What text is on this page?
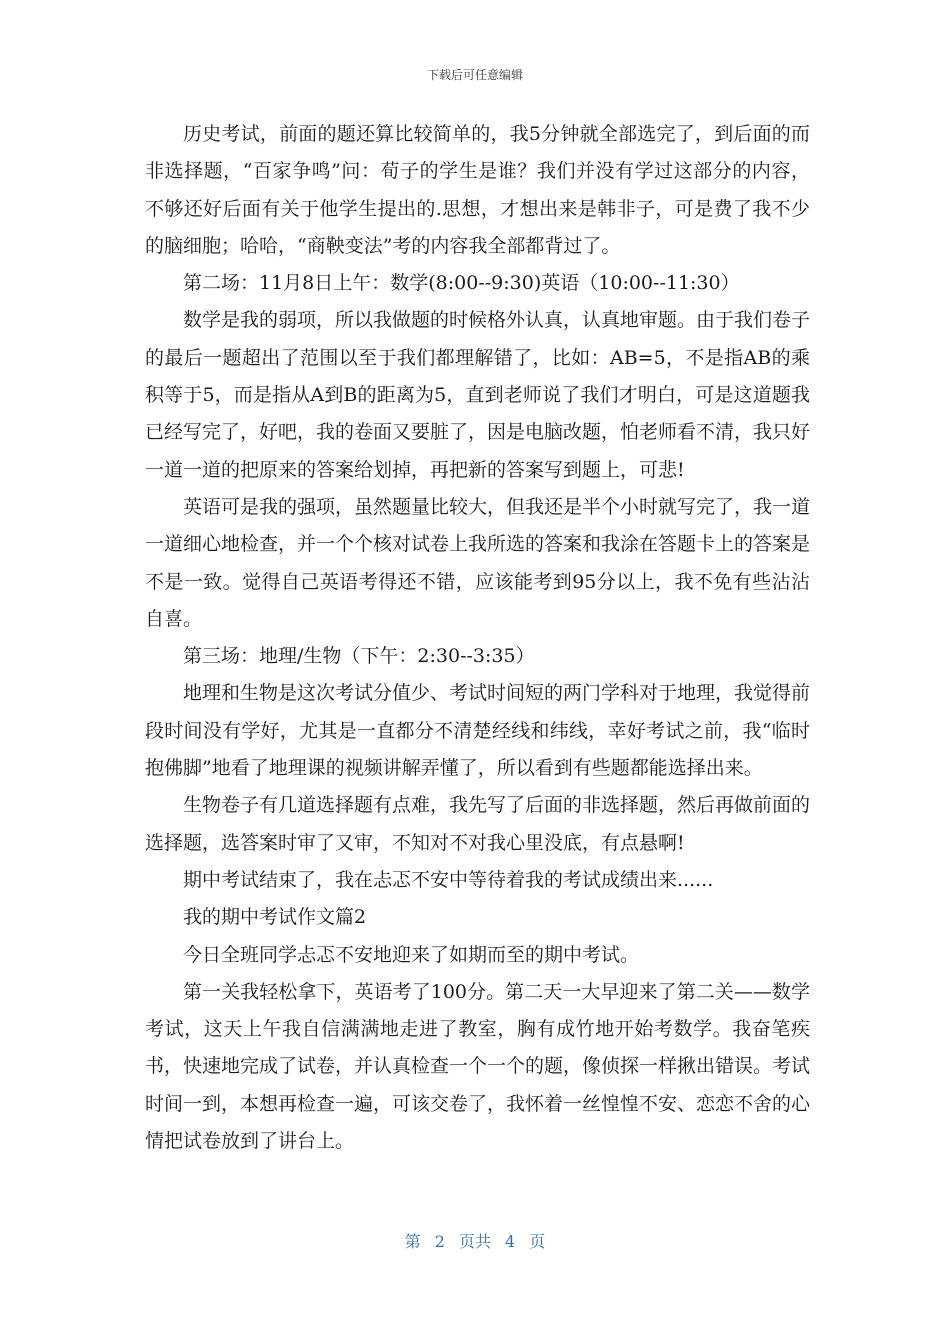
下载后可任意编辑

历史考试，前面的题还算比较简单的，我5分钟就全部选完了，到后面的而非选择题，“百家争鸣”问：荀子的学生是谁？我们并没有学过这部分的内容，不够还好后面有关于他学生提出的.思想，才想出来是韩非子，可是费了我不少的脑细胞；哈哈，“商鞅变法”考的内容我全部都背过了。

第二场：11月8日上午：数学(8:00--9:30)英语（10:00--11:30）

数学是我的弱项，所以我做题的时候格外认真，认真地审题。由于我们卷子的最后一题超出了范围以至于我们都理解错了，比如：AB=5，不是指AB的乘积等于5，而是指从A到B的距离为5，直到老师说了我们才明白，可是这道题我已经写完了，好吧，我的卷面又要脏了，因是电脑改题，怕老师看不清，我只好一道一道的把原来的答案给划掉，再把新的答案写到题上，可悲!

英语可是我的强项，虽然题量比较大，但我还是半个小时就写完了，我一道一道细心地检查，并一个个核对试卷上我所选的答案和我涂在答题卡上的答案是不是一致。觉得自己英语考得还不错，应该能考到95分以上，我不免有些沾沾自喜。

第三场：地理/生物（下午：2:30--3:35）

地理和生物是这次考试分值少、考试时间短的两门学科对于地理，我觉得前段时间没有学好，尤其是一直都分不清楚经线和纬线，幸好考试之前，我“临时抱佛脚”地看了地理课的视频讲解弄懂了，所以看到有些题都能选择出来。

生物卷子有几道选择题有点难，我先写了后面的非选择题，然后再做前面的选择题，选答案时审了又审，不知对不对我心里没底，有点悬啊!

期中考试结束了，我在忐忑不安中等待着我的考试成绩出来......

我的期中考试作文篇2

今日全班同学忐忑不安地迎来了如期而至的期中考试。

第一关我轻松拿下，英语考了100分。第二天一大早迎来了第二关——数学考试，这天上午我自信满满地走进了教室，胸有成竹地开始考数学。我奋笔疾书，快速地完成了试卷，并认真检查一个一个的题，像侦探一样揪出错误。考试时间一到，本想再检查一遍，可该交卷了，我怀着一丝惶惶不安、恋恋不舍的心情把试卷放到了讲台上。

第 2 页共 4 页
